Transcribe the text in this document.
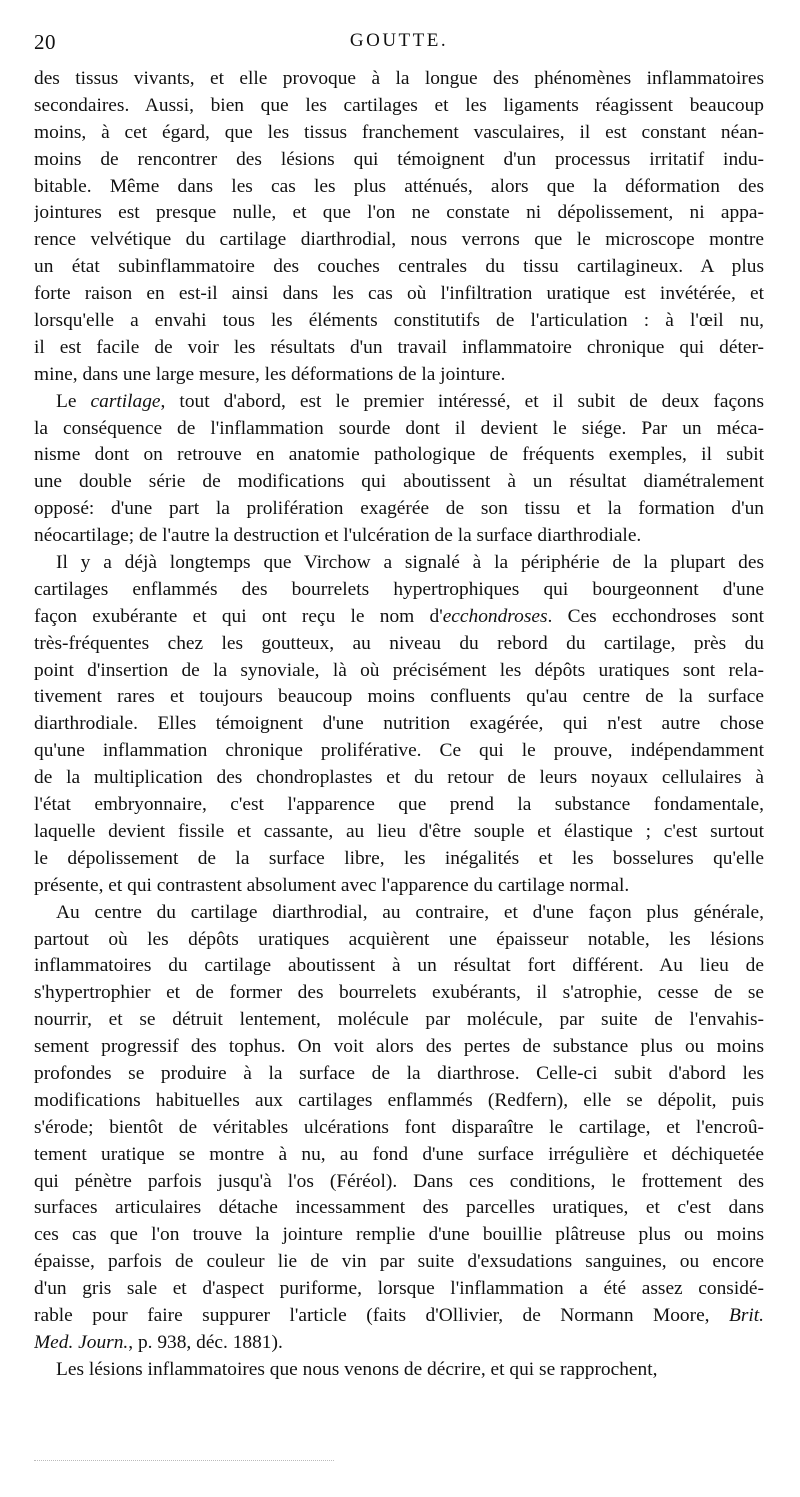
20	GOUTTE.
des tissus vivants, et elle provoque à la longue des phénomènes inflammatoires
secondaires. Aussi, bien que les cartilages et les ligaments réagissent beaucoup
moins, à cet égard, que les tissus franchement vasculaires, il est constant néan-
moins de rencontrer des lésions qui témoignent d'un processus irritatif indu-
bitable. Même dans les cas les plus atténués, alors que la déformation des
jointures est presque nulle, et que l'on ne constate ni dépolissement, ni appa-
rence velvétique du cartilage diarthrodial, nous verrons que le microscope montre
un état subinflammatoire des couches centrales du tissu cartilagineux. A plus
forte raison en est-il ainsi dans les cas où l'infiltration uratique est invétérée, et
lorsqu'elle a envahi tous les éléments constitutifs de l'articulation : à l'œil nu,
il est facile de voir les résultats d'un travail inflammatoire chronique qui déter-
mine, dans une large mesure, les déformations de la jointure.
Le cartilage, tout d'abord, est le premier intéressé, et il subit de deux façons
la conséquence de l'inflammation sourde dont il devient le siége. Par un méca-
nisme dont on retrouve en anatomie pathologique de fréquents exemples, il subit
une double série de modifications qui aboutissent à un résultat diamétralement
opposé: d'une part la prolifération exagérée de son tissu et la formation d'un
néocartilage; de l'autre la destruction et l'ulcération de la surface diarthrodiale.
Il y a déjà longtemps que Virchow a signalé à la périphérie de la plupart des
cartilages enflammés des bourrelets hypertrophiques qui bourgeonnent d'une
façon exubérante et qui ont reçu le nom d'ecchondroses. Ces ecchondroses sont
très-fréquentes chez les goutteux, au niveau du rebord du cartilage, près du
point d'insertion de la synoviale, là où précisément les dépôts uratiques sont rela-
tivement rares et toujours beaucoup moins confluents qu'au centre de la surface
diarthrodiale. Elles témoignent d'une nutrition exagérée, qui n'est autre chose
qu'une inflammation chronique proliférative. Ce qui le prouve, indépendamment
de la multiplication des chondroplastes et du retour de leurs noyaux cellulaires à
l'état embryonnaire, c'est l'apparence que prend la substance fondamentale,
laquelle devient fissile et cassante, au lieu d'être souple et élastique ; c'est surtout
le dépolissement de la surface libre, les inégalités et les bosselures qu'elle
présente, et qui contrastent absolument avec l'apparence du cartilage normal.
Au centre du cartilage diarthrodial, au contraire, et d'une façon plus générale,
partout où les dépôts uratiques acquièrent une épaisseur notable, les lésions
inflammatoires du cartilage aboutissent à un résultat fort différent. Au lieu de
s'hypertrophier et de former des bourrelets exubérants, il s'atrophie, cesse de se
nourrir, et se détruit lentement, molécule par molécule, par suite de l'envahis-
sement progressif des tophus. On voit alors des pertes de substance plus ou moins
profondes se produire à la surface de la diarthrose. Celle-ci subit d'abord les
modifications habituelles aux cartilages enflammés (Redfern), elle se dépolit, puis
s'érode; bientôt de véritables ulcérations font disparaître le cartilage, et l'encroû-
tement uratique se montre à nu, au fond d'une surface irrégulière et déchiquetée
qui pénètre parfois jusqu'à l'os (Féréol). Dans ces conditions, le frottement des
surfaces articulaires détache incessamment des parcelles uratiques, et c'est dans
ces cas que l'on trouve la jointure remplie d'une bouillie plâtreuse plus ou moins
épaisse, parfois de couleur lie de vin par suite d'exsudations sanguines, ou encore
d'un gris sale et d'aspect puriforme, lorsque l'inflammation a été assez considé-
rable pour faire suppurer l'article (faits d'Ollivier, de Normann Moore, Brit.
Med. Journ., p. 938, déc. 1881).
Les lésions inflammatoires que nous venons de décrire, et qui se rapprochent,
